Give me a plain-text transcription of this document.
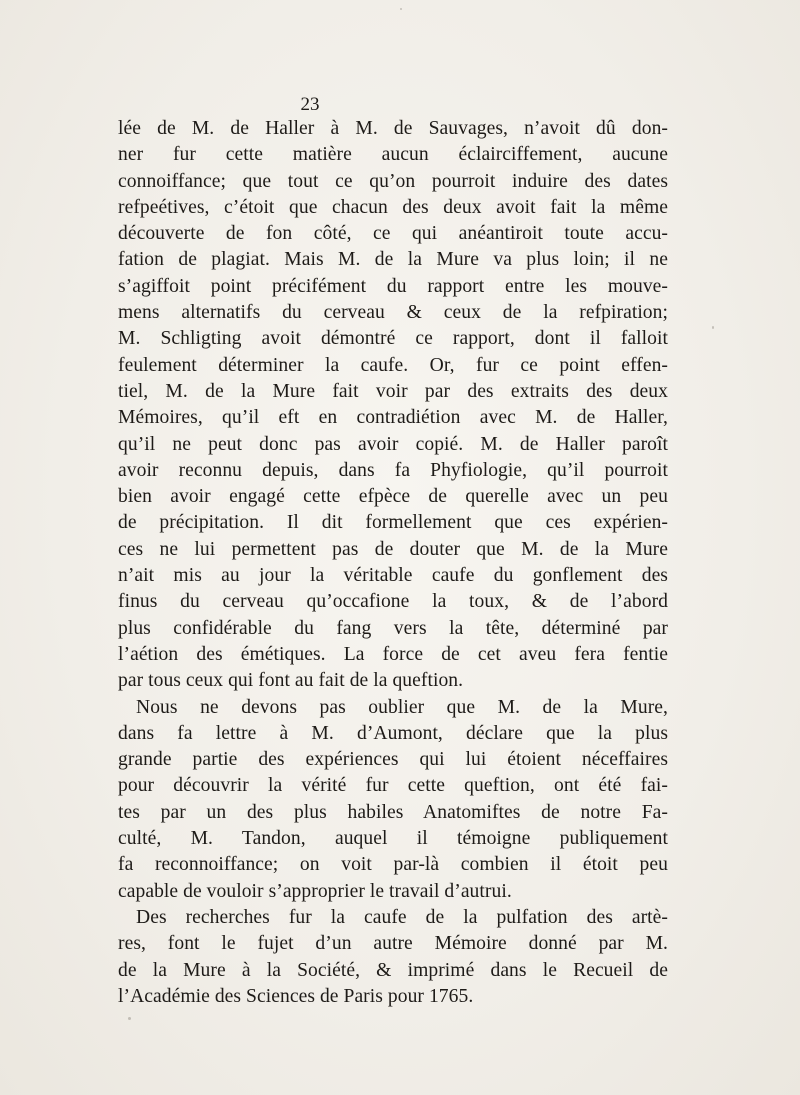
23
lée de M. de Haller à M. de Sauvages, n’avoit dû don-
ner fur cette matière aucun éclairciffement, aucune
connoiffance; que tout ce qu’on pourroit induire des dates
refpeétives, c’étoit que chacun des deux avoit fait la même
découverte de fon côté, ce qui anéantiroit toute accu-
fation de plagiat. Mais M. de la Mure va plus loin; il ne
s’agiffoit point précifément du rapport entre les mouve-
mens alternatifs du cerveau & ceux de la refpiration;
M. Schligting avoit démontré ce rapport, dont il falloit
feulement déterminer la caufe. Or, fur ce point effen-
tiel, M. de la Mure fait voir par des extraits des deux
Mémoires, qu’il eft en contradiétion avec M. de Haller,
qu’il ne peut donc pas avoir copié. M. de Haller paroît
avoir reconnu depuis, dans fa Phyfiologie, qu’il pourroit
bien avoir engagé cette efpèce de querelle avec un peu
de précipitation. Il dit formellement que ces expérien-
ces ne lui permettent pas de douter que M. de la Mure
n’ait mis au jour la véritable caufe du gonflement des
finus du cerveau qu’occafione la toux, & de l’abord
plus confidérable du fang vers la tête, déterminé par
l’aétion des émétiques. La force de cet aveu fera fentie
par tous ceux qui font au fait de la queftion.
Nous ne devons pas oublier que M. de la Mure,
dans fa lettre à M. d’Aumont, déclare que la plus
grande partie des expériences qui lui étoient néceffaires
pour découvrir la vérité fur cette queftion, ont été fai-
tes par un des plus habiles Anatomiftes de notre Fa-
culté, M. Tandon, auquel il témoigne publiquement
fa reconnoiffance; on voit par-là combien il étoit peu
capable de vouloir s’approprier le travail d’autrui.
Des recherches fur la caufe de la pulfation des artè-
res, font le fujet d’un autre Mémoire donné par M.
de la Mure à la Société, & imprimé dans le Recueil de
l’Académie des Sciences de Paris pour 1765.
